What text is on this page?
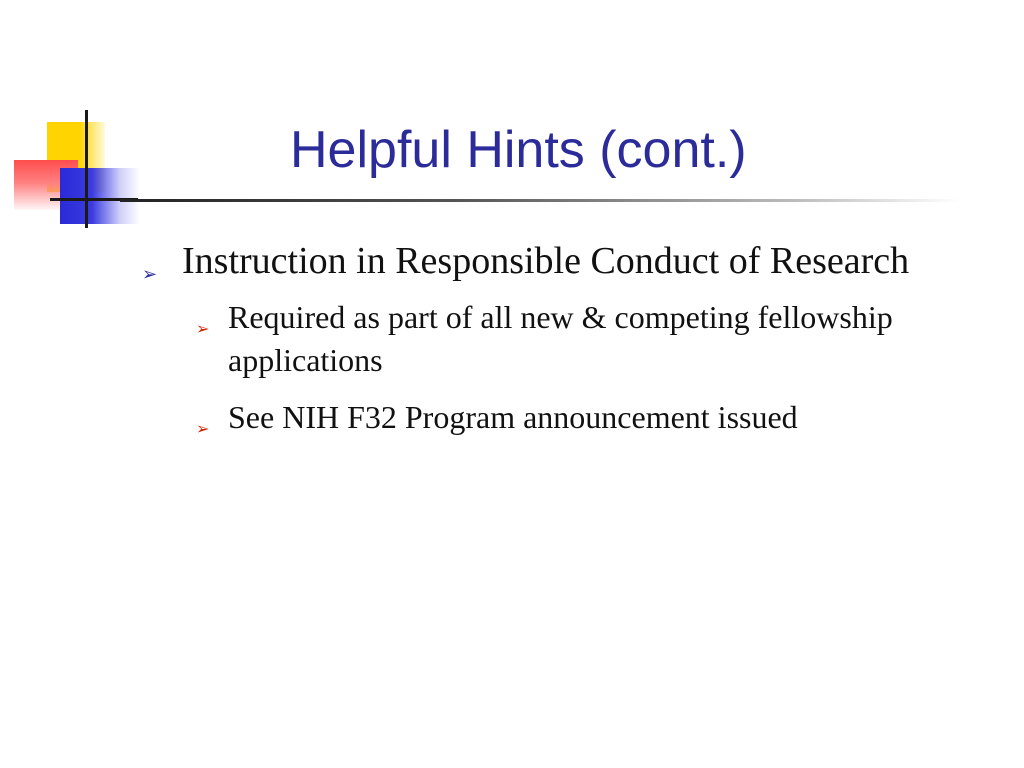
Helpful Hints (cont.)
➢ Instruction in Responsible Conduct of Research
➢ Required as part of all new & competing fellowship applications
➢ See NIH F32 Program announcement issued
